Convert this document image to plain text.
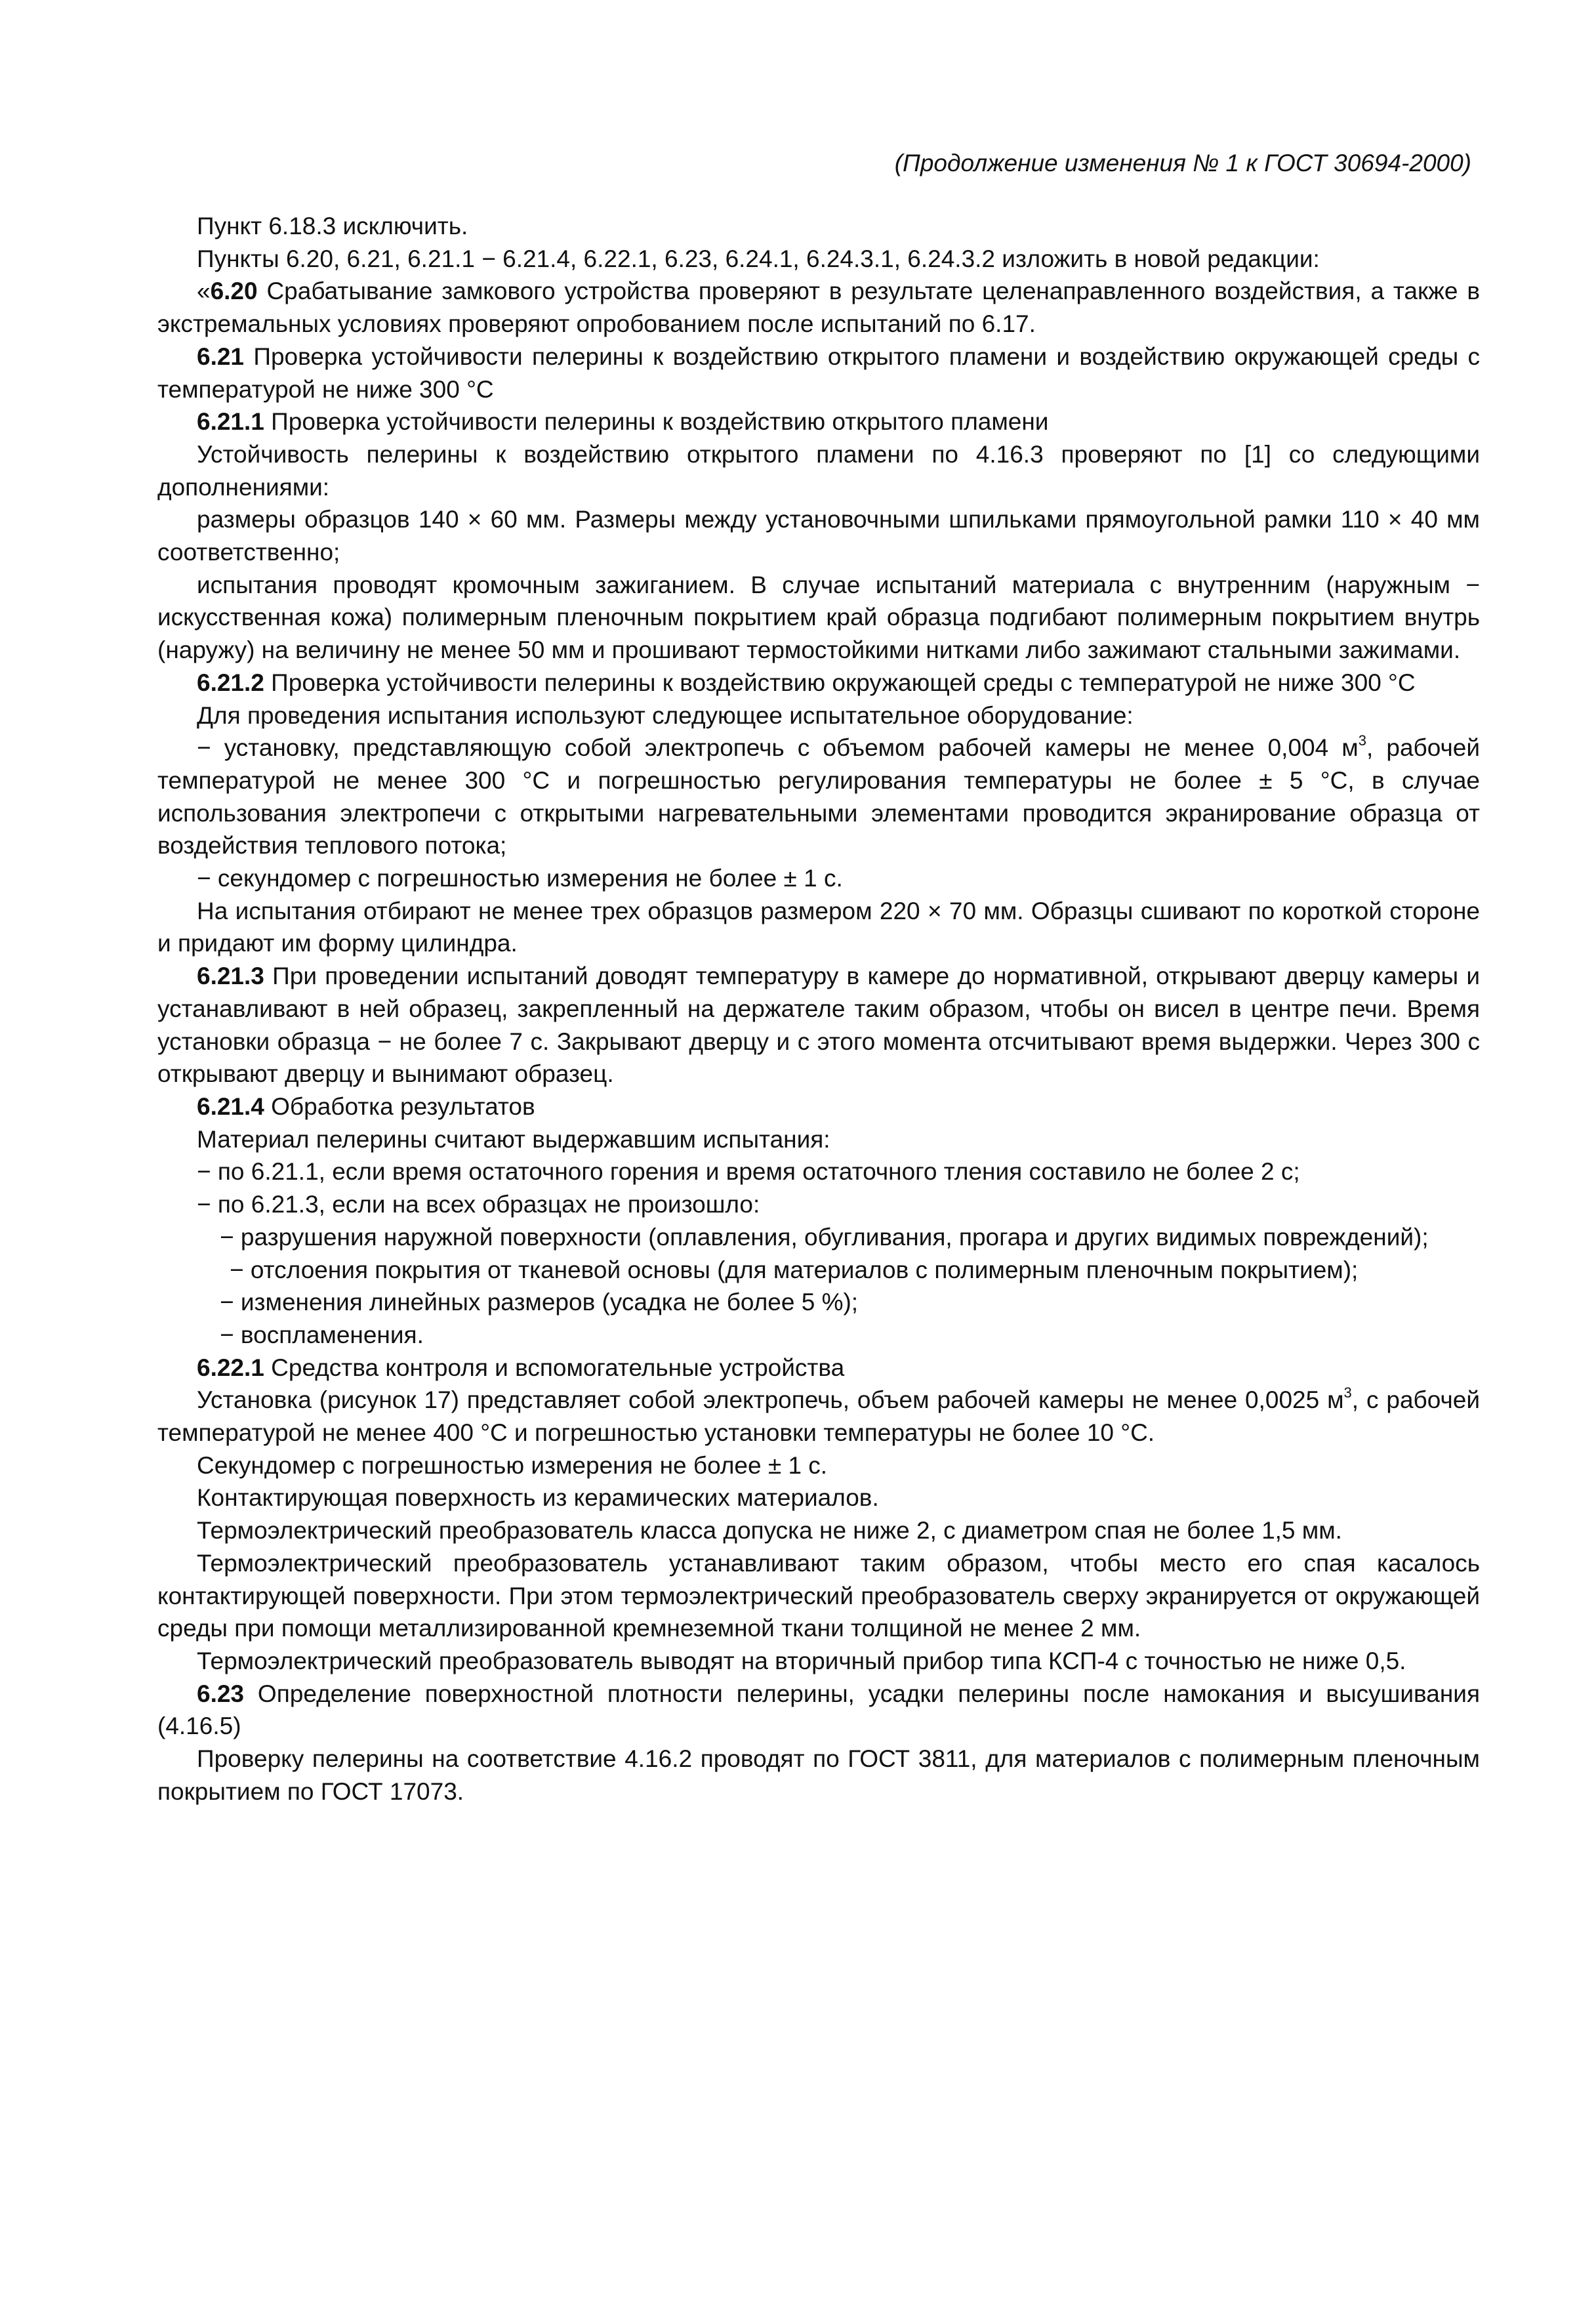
(Продолжение изменения № 1 к ГОСТ 30694-2000)

Пункт 6.18.3 исключить.

Пункты 6.20, 6.21, 6.21.1 − 6.21.4, 6.22.1, 6.23, 6.24.1, 6.24.3.1, 6.24.3.2 изложить в новой редакции:

«6.20 Срабатывание замкового устройства проверяют в результате целенаправленного воздействия, а также в экстремальных условиях проверяют опробованием после испытаний по 6.17.

6.21 Проверка устойчивости пелерины к воздействию открытого пламени и воздействию окружающей среды с температурой не ниже 300 °С

6.21.1 Проверка устойчивости пелерины к воздействию открытого пламени

Устойчивость пелерины к воздействию открытого пламени по 4.16.3 проверяют по [1] со следующими дополнениями:

размеры образцов 140 × 60 мм. Размеры между установочными шпильками прямоугольной рамки 110 × 40 мм соответственно;

испытания проводят кромочным зажиганием. В случае испытаний материала с внутренним (наружным − искусственная кожа) полимерным пленочным покрытием край образца подгибают полимерным покрытием внутрь (наружу) на величину не менее 50 мм и прошивают термостойкими нитками либо зажимают стальными зажимами.

6.21.2 Проверка устойчивости пелерины к воздействию окружающей среды с температурой не ниже 300 °С

Для проведения испытания используют следующее испытательное оборудование:

− установку, представляющую собой электропечь с объемом рабочей камеры не менее 0,004 $м^3$, рабочей температурой не менее 300 °С и погрешностью регулирования температуры не более ± 5 °С, в случае использования электропечи с открытыми нагревательными элементами проводится экранирование образца от воздействия теплового потока;

− секундомер с погрешностью измерения не более ± 1 с.

На испытания отбирают не менее трех образцов размером 220 × 70 мм. Образцы сшивают по короткой стороне и придают им форму цилиндра.

6.21.3 При проведении испытаний доводят температуру в камере до нормативной, открывают дверцу камеры и устанавливают в ней образец, закрепленный на держателе таким образом, чтобы он висел в центре печи. Время установки образца − не более 7 с. Закрывают дверцу и с этого момента отсчитывают время выдержки. Через 300 с открывают дверцу и вынимают образец.

6.21.4 Обработка результатов

Материал пелерины считают выдержавшим испытания:

− по 6.21.1, если время остаточного горения и время остаточного тления составило не более 2 с;

− по 6.21.3, если на всех образцах не произошло:

− разрушения наружной поверхности (оплавления, обугливания, прогара и других видимых повреждений);

− отслоения покрытия от тканевой основы (для материалов с полимерным пленочным покрытием);

− изменения линейных размеров (усадка не более 5 %);

− воспламенения.

6.22.1 Средства контроля и вспомогательные устройства

Установка (рисунок 17) представляет собой электропечь, объем рабочей камеры не менее 0,0025 $м^3$, с рабочей температурой не менее 400 °С и погрешностью установки температуры не более 10 °С.

Секундомер с погрешностью измерения не более ± 1 с.

Контактирующая поверхность из керамических материалов.

Термоэлектрический преобразователь класса допуска не ниже 2, с диаметром спая не более 1,5 мм.

Термоэлектрический преобразователь устанавливают таким образом, чтобы место его спая касалось контактирующей поверхности. При этом термоэлектрический преобразователь сверху экранируется от окружающей среды при помощи металлизированной кремнеземной ткани толщиной не менее 2 мм.

Термоэлектрический преобразователь выводят на вторичный прибор типа КСП-4 с точностью не ниже 0,5.

6.23 Определение поверхностной плотности пелерины, усадки пелерины после намокания и высушивания (4.16.5)

Проверку пелерины на соответствие 4.16.2 проводят по ГОСТ 3811, для материалов с полимерным пленочным покрытием по ГОСТ 17073.
